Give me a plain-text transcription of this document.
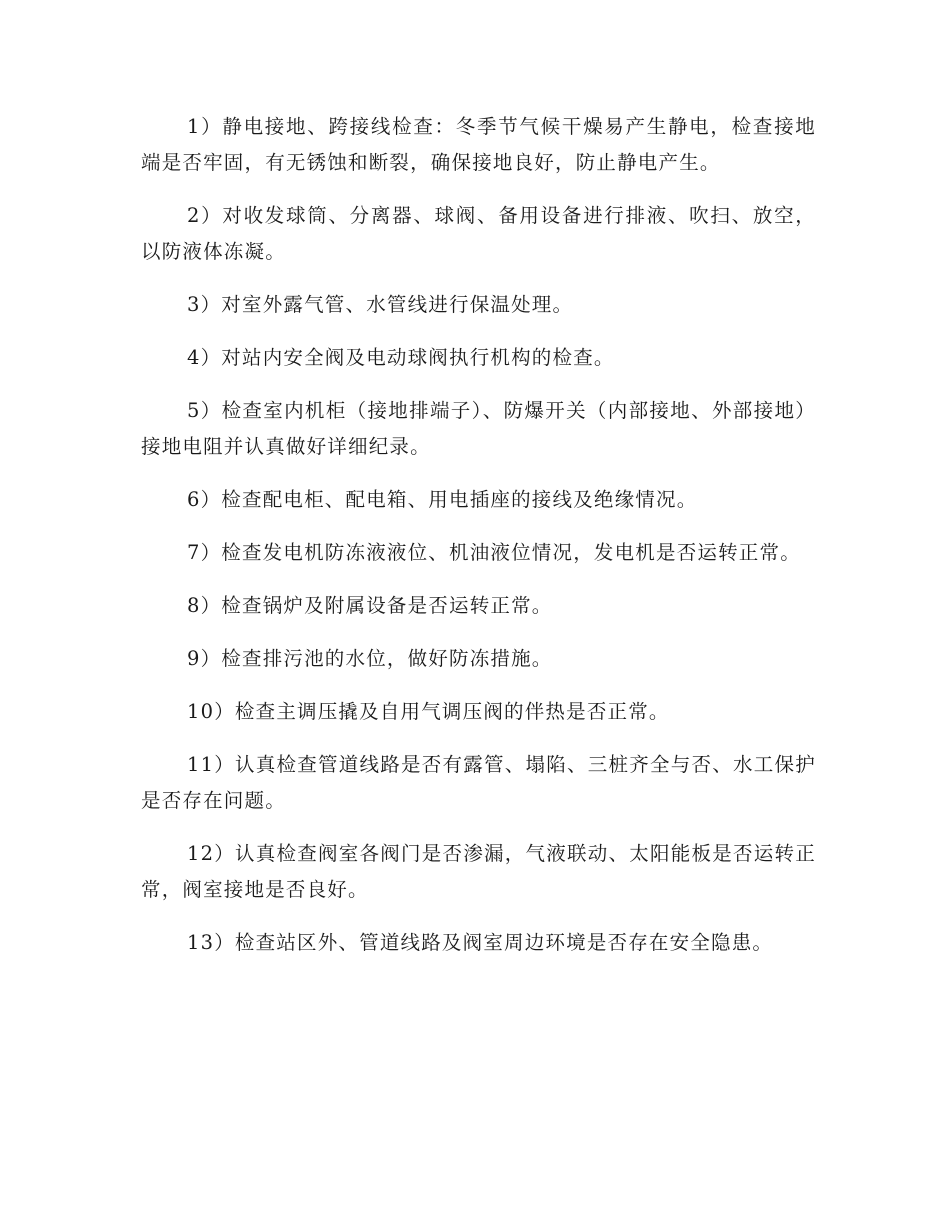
1）静电接地、跨接线检查：冬季节气候干燥易产生静电，检查接地端是否牢固，有无锈蚀和断裂，确保接地良好，防止静电产生。

2）对收发球筒、分离器、球阀、备用设备进行排液、吹扫、放空，以防液体冻凝。

3）对室外露气管、水管线进行保温处理。

4）对站内安全阀及电动球阀执行机构的检查。

5）检查室内机柜（接地排端子）、防爆开关（内部接地、外部接地）接地电阻并认真做好详细纪录。

6）检查配电柜、配电箱、用电插座的接线及绝缘情况。

7）检查发电机防冻液液位、机油液位情况，发电机是否运转正常。

8）检查锅炉及附属设备是否运转正常。

9）检查排污池的水位，做好防冻措施。

10）检查主调压撬及自用气调压阀的伴热是否正常。

11）认真检查管道线路是否有露管、塌陷、三桩齐全与否、水工保护是否存在问题。

12）认真检查阀室各阀门是否渗漏，气液联动、太阳能板是否运转正常，阀室接地是否良好。

13）检查站区外、管道线路及阀室周边环境是否存在安全隐患。
